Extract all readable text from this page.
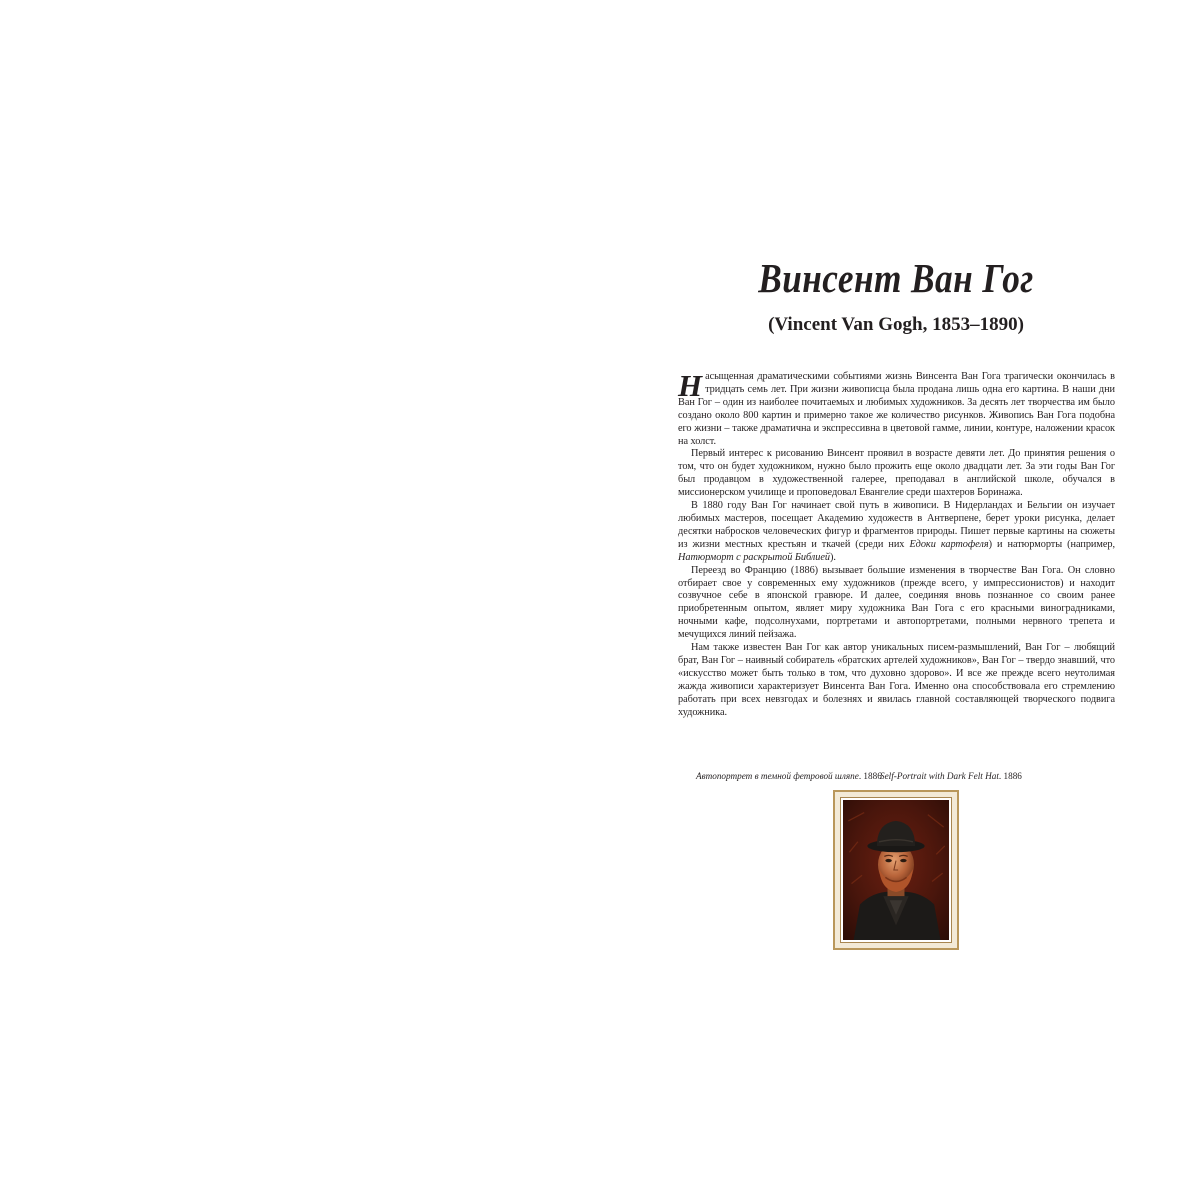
Винсент Ван Гог
(Vincent Van Gogh, 1853–1890)

Насыщенная драматическими событиями жизнь Винсента Ван Гога трагически окончилась в тридцать семь лет. При жизни живописца была продана лишь одна его картина. В наши дни Ван Гог – один из наиболее почитаемых и любимых художников. За десять лет творчества им было создано около 800 картин и примерно такое же количество рисунков. Живопись Ван Гога подобна его жизни – также драматична и экспрессивна в цветовой гамме, линии, контуре, наложении красок на холст.

Первый интерес к рисованию Винсент проявил в возрасте девяти лет. До принятия решения о том, что он будет художником, нужно было прожить еще около двадцати лет. За эти годы Ван Гог был продавцом в художественной галерее, преподавал в английской школе, обучался в миссионерском училище и проповедовал Евангелие среди шахтеров Боринажа.

В 1880 году Ван Гог начинает свой путь в живописи. В Нидерландах и Бельгии он изучает любимых мастеров, посещает Академию художеств в Антверпене, берет уроки рисунка, делает десятки набросков человеческих фигур и фрагментов природы. Пишет первые картины на сюжеты из жизни местных крестьян и ткачей (среди них Едоки картофеля) и натюрморты (например, Натюрморт с раскрытой Библией).

Переезд во Францию (1886) вызывает большие изменения в творчестве Ван Гога. Он словно отбирает свое у современных ему художников (прежде всего, у импрессионистов) и находит созвучное себе в японской гравюре. И далее, соединяя вновь познанное со своим ранее приобретенным опытом, являет миру художника Ван Гога с его красными виноградниками, ночными кафе, подсолнухами, портретами и автопортретами, полными нервного трепета и мечущихся линий пейзажа.

Нам также известен Ван Гог как автор уникальных писем-размышлений, Ван Гог – любящий брат, Ван Гог – наивный собиратель «братских артелей художников», Ван Гог – твердо знавший, что «искусство может быть только в том, что духовно здорово». И все же прежде всего неутолимая жажда живописи характеризует Винсента Ван Гога. Именно она способствовала его стремлению работать при всех невзгодах и болезнях и явилась главной составляющей творческого подвига художника.

Автопортрет в темной фетровой шляпе. 1886
Self-Portrait with Dark Felt Hat. 1886
